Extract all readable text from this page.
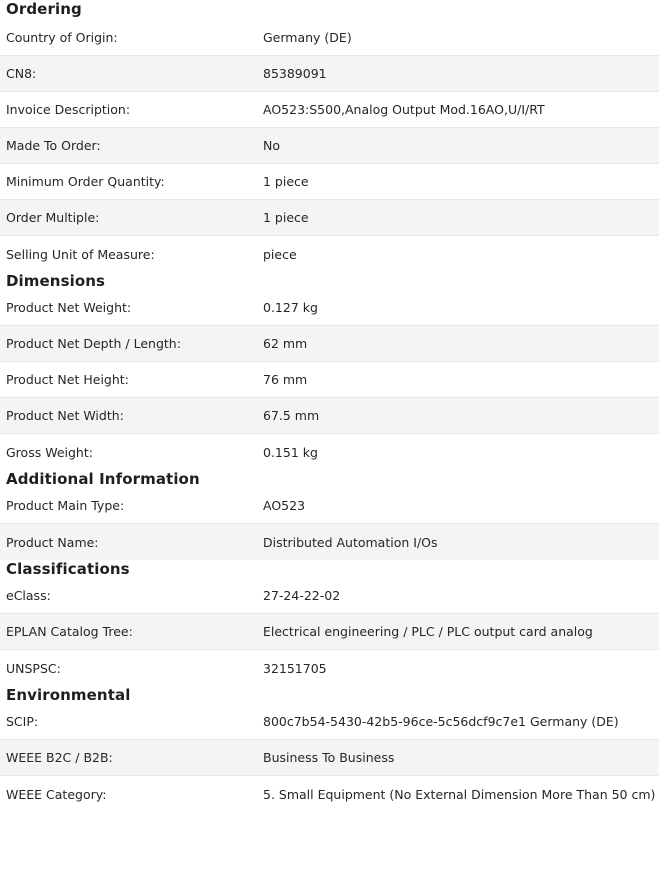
Ordering
Country of Origin:	Germany (DE)
CN8:	85389091
Invoice Description:	AO523:S500,Analog Output Mod.16AO,U/I/RT
Made To Order:	No
Minimum Order Quantity:	1 piece
Order Multiple:	1 piece
Selling Unit of Measure:	piece
Dimensions
Product Net Weight:	0.127 kg
Product Net Depth / Length:	62 mm
Product Net Height:	76 mm
Product Net Width:	67.5 mm
Gross Weight:	0.151 kg
Additional Information
Product Main Type:	AO523
Product Name:	Distributed Automation I/Os
Classifications
eClass:	27-24-22-02
EPLAN Catalog Tree:	Electrical engineering / PLC / PLC output card analog
UNSPSC:	32151705
Environmental
SCIP:	800c7b54-5430-42b5-96ce-5c56dcf9c7e1 Germany (DE)
WEEE B2C / B2B:	Business To Business
WEEE Category:	5. Small Equipment (No External Dimension More Than 50 cm)
